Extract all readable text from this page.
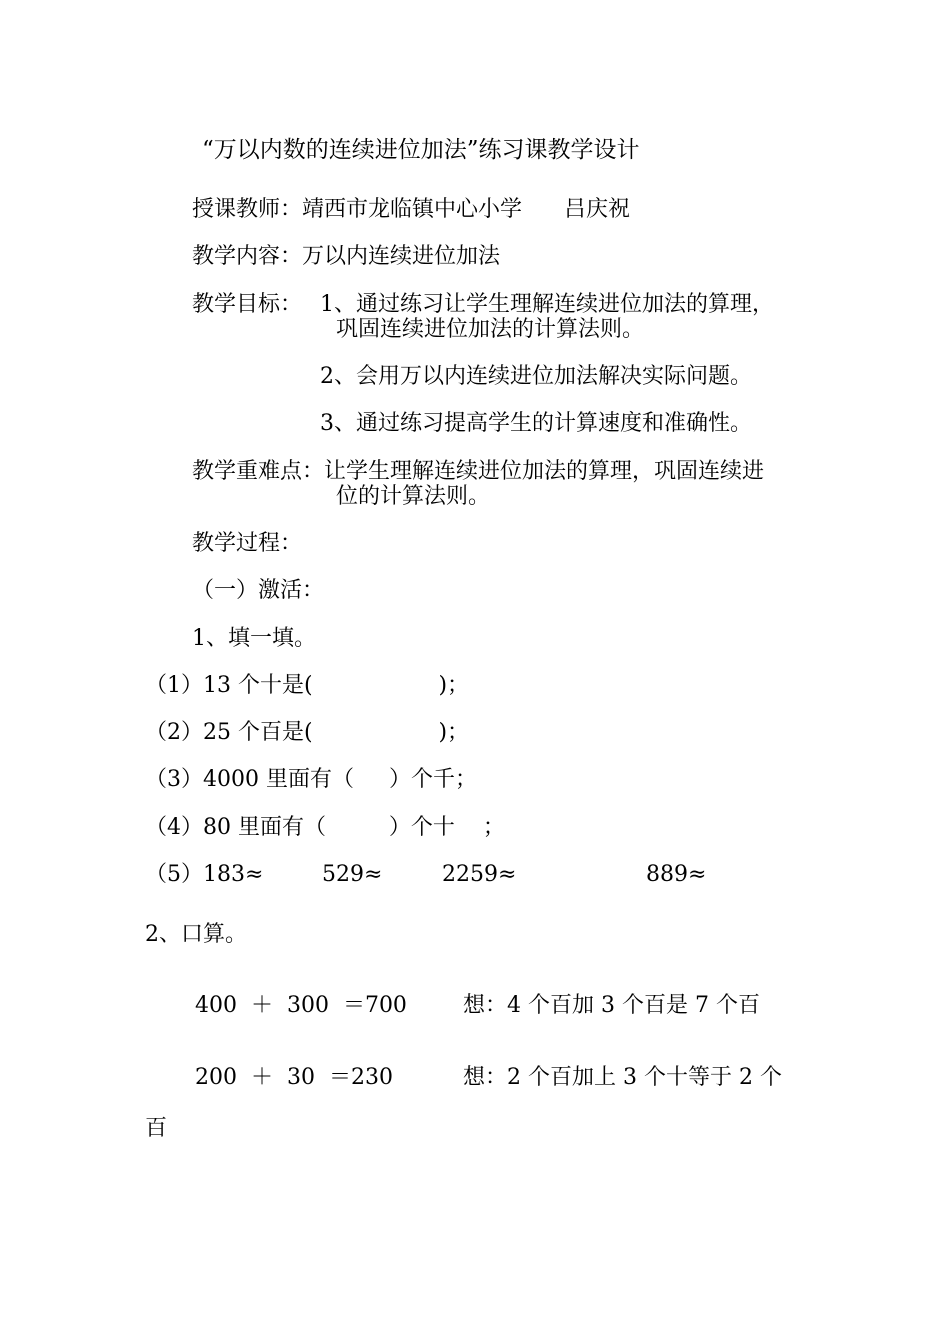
“万以内数的连续进位加法”练习课教学设计
授课教师：靖西市龙临镇中心小学      吕庆祝
教学内容：万以内连续进位加法
教学目标： 1、通过练习让学生理解连续进位加法的算理，
巩固连续进位加法的计算法则。
2、会用万以内连续进位加法解决实际问题。
3、通过练习提高学生的计算速度和准确性。
教学重难点：让学生理解连续进位加法的算理，巩固连续进
位的计算法则。
教学过程：
（一）激活：
1、填一填。
（1）13 个十是(                  )；
（2）25 个百是(                  )；
（3）4000 里面有（     ）个千；
（4）80 里面有（         ）个十    ；
（5）183≈	529≈	2259≈	889≈
2、口算。
400  ＋  300  ＝700	想：4 个百加 3 个百是 7 个百
200  ＋  30  ＝230	想：2 个百加上 3 个十等于 2 个
百
